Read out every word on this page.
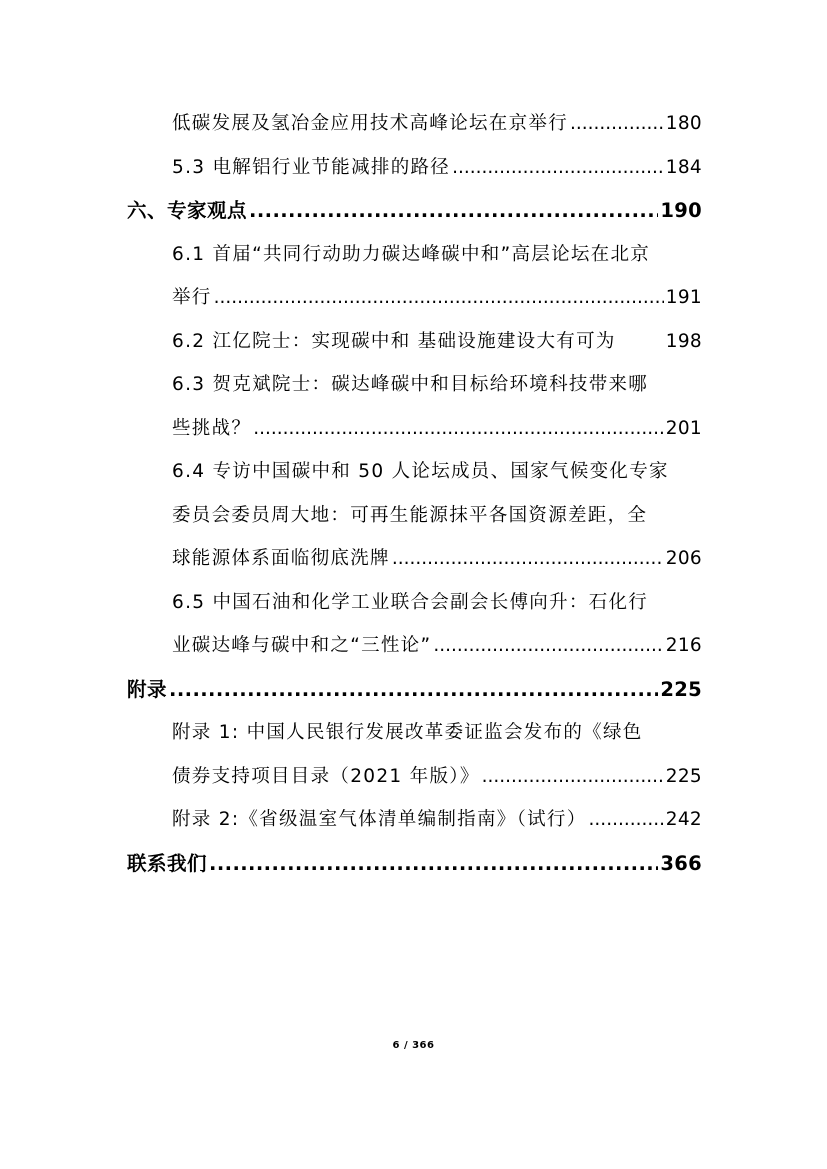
低碳发展及氢冶金应用技术高峰论坛在京举行 .....	180
5.3 电解铝行业节能减排的路径 .....	184
六、专家观点 .....	190
6.1 首届“共同行动助力碳达峰碳中和”高层论坛在北京
举行 .....	191
6.2 江亿院士：实现碳中和 基础设施建设大有可为	198
6.3 贺克斌院士：碳达峰碳中和目标给环境科技带来哪
些挑战？ .....	201
6.4 专访中国碳中和 50 人论坛成员、国家气候变化专家
委员会委员周大地：可再生能源抹平各国资源差距，全
球能源体系面临彻底洗牌 .....	206
6.5 中国石油和化学工业联合会副会长傅向升：石化行
业碳达峰与碳中和之“三性论” .....	216
附录 .....	225
附录 1: 中国人民银行发展改革委证监会发布的《绿色
债券支持项目目录（2021 年版）》 .....	225
附录 2:《省级温室气体清单编制指南》（试行） .....	242
联系我们 .....	366
6 / 366
